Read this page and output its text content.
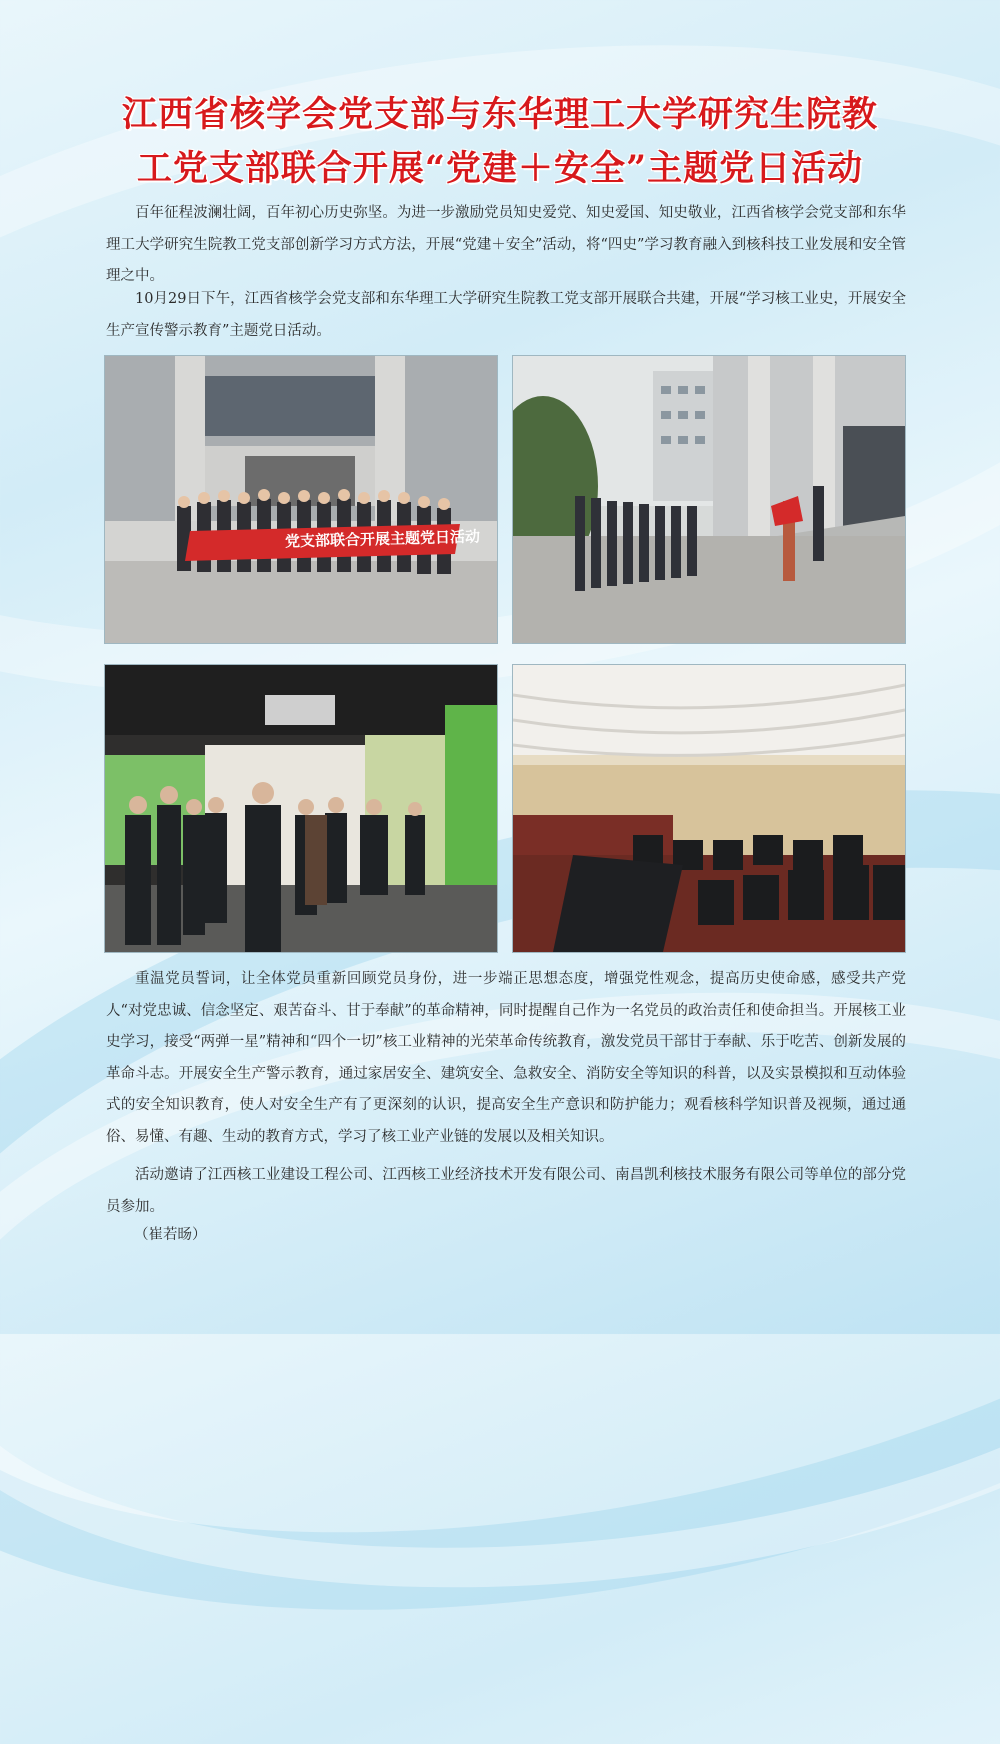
江西省核学会党支部与东华理工大学研究生院教
工党支部联合开展“党建＋安全”主题党日活动

百年征程波澜壮阔，百年初心历史弥坚。为进一步激励党员知史爱党、知史爱国、知史敬业，江西省核学会党支部和东华理工大学研究生院教工党支部创新学习方式方法，开展“党建＋安全”活动，将“四史”学习教育融入到核科技工业发展和安全管理之中。

10月29日下午，江西省核学会党支部和东华理工大学研究生院教工党支部开展联合共建，开展“学习核工业史，开展安全生产宣传警示教育”主题党日活动。

党支部联合开展主题党日活动

重温党员誓词，让全体党员重新回顾党员身份，进一步端正思想态度，增强党性观念，提高历史使命感，感受共产党人“对党忠诚、信念坚定、艰苦奋斗、甘于奉献”的革命精神，同时提醒自己作为一名党员的政治责任和使命担当。开展核工业史学习，接受“两弹一星”精神和“四个一切”核工业精神的光荣革命传统教育，激发党员干部甘于奉献、乐于吃苦、创新发展的革命斗志。开展安全生产警示教育，通过家居安全、建筑安全、急救安全、消防安全等知识的科普，以及实景模拟和互动体验式的安全知识教育，使人对安全生产有了更深刻的认识，提高安全生产意识和防护能力；观看核科学知识普及视频，通过通俗、易懂、有趣、生动的教育方式，学习了核工业产业链的发展以及相关知识。

活动邀请了江西核工业建设工程公司、江西核工业经济技术开发有限公司、南昌凯利核技术服务有限公司等单位的部分党员参加。

（崔若旸）
